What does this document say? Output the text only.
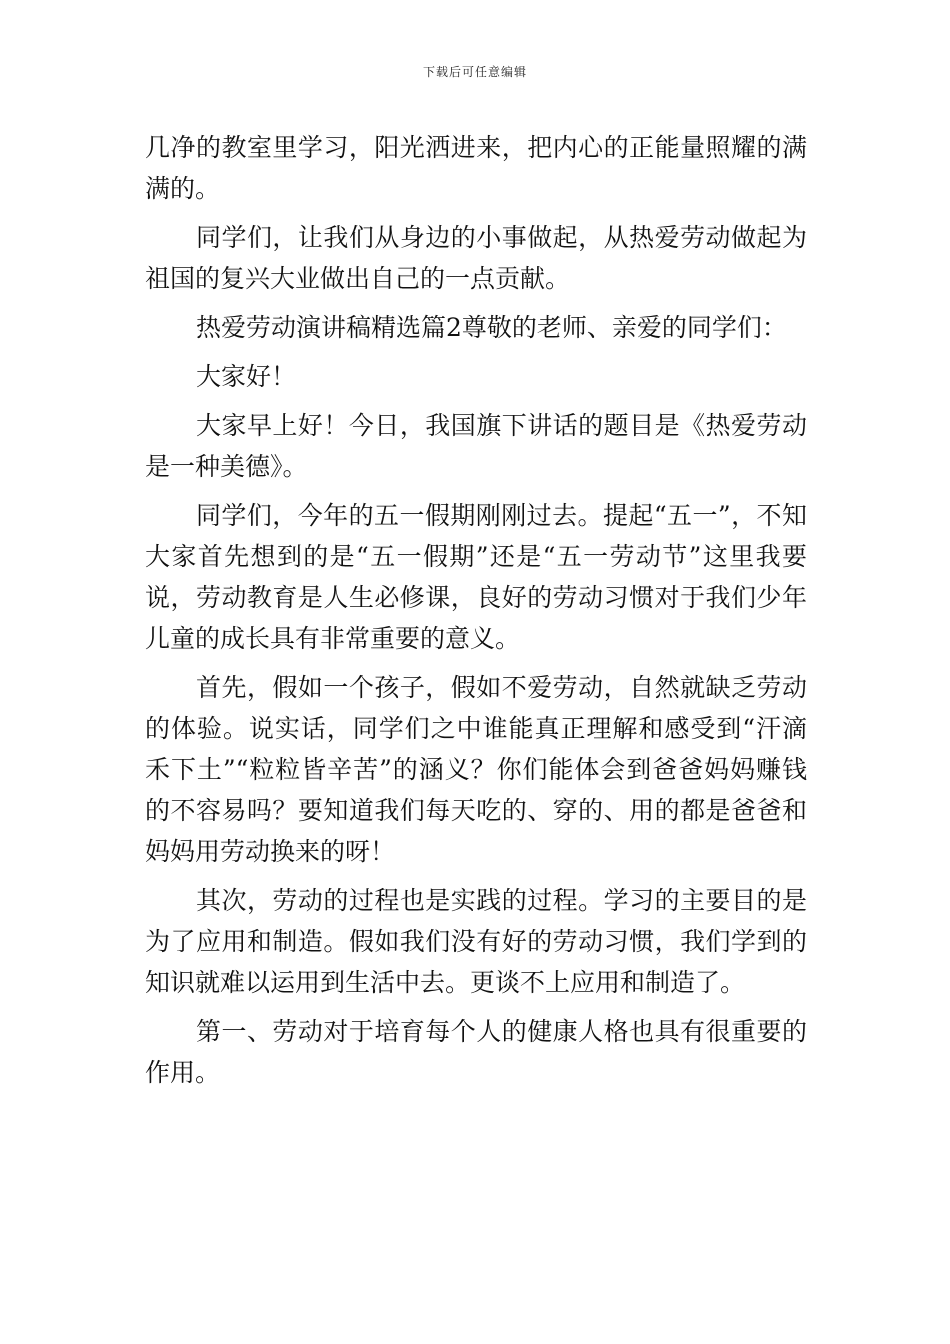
下载后可任意编辑

几净的教室里学习，阳光洒进来，把内心的正能量照耀的满满的。

同学们，让我们从身边的小事做起，从热爱劳动做起为祖国的复兴大业做出自己的一点贡献。

热爱劳动演讲稿精选篇2尊敬的老师、亲爱的同学们：

大家好！

大家早上好！今日，我国旗下讲话的题目是《热爱劳动是一种美德》。

同学们，今年的五一假期刚刚过去。提起“五一”，不知大家首先想到的是“五一假期”还是“五一劳动节”这里我要说，劳动教育是人生必修课，良好的劳动习惯对于我们少年儿童的成长具有非常重要的意义。

首先，假如一个孩子，假如不爱劳动，自然就缺乏劳动的体验。说实话，同学们之中谁能真正理解和感受到“汗滴禾下土”“粒粒皆辛苦”的涵义？你们能体会到爸爸妈妈赚钱的不容易吗？要知道我们每天吃的、穿的、用的都是爸爸和妈妈用劳动换来的呀！

其次，劳动的过程也是实践的过程。学习的主要目的是为了应用和制造。假如我们没有好的劳动习惯，我们学到的知识就难以运用到生活中去。更谈不上应用和制造了。

第一、劳动对于培育每个人的健康人格也具有很重要的作用。
